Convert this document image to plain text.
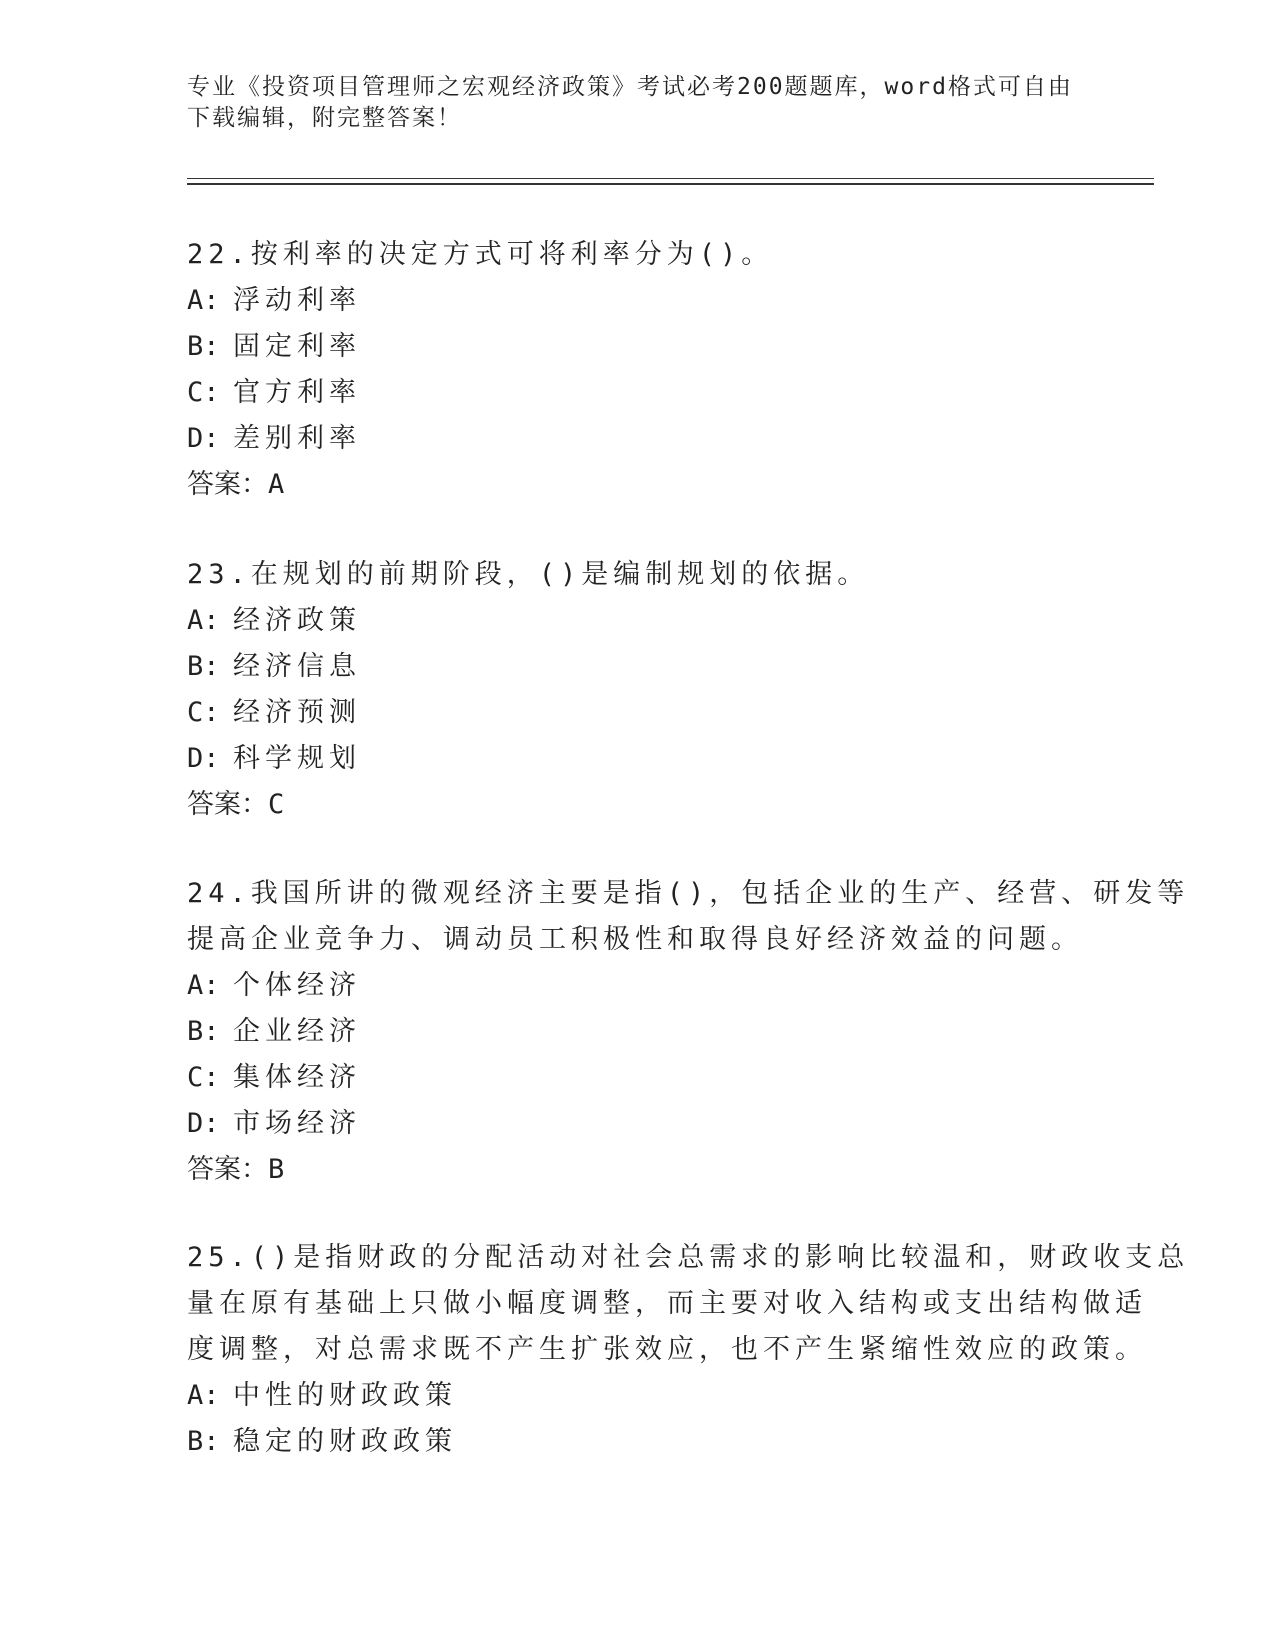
专业《投资项目管理师之宏观经济政策》考试必考200题题库，word格式可自由
下载编辑，附完整答案！
22.按利率的决定方式可将利率分为()。
A: 浮动利率
B: 固定利率
C: 官方利率
D: 差别利率
答案：A
23.在规划的前期阶段，()是编制规划的依据。
A: 经济政策
B: 经济信息
C: 经济预测
D: 科学规划
答案：C
24.我国所讲的微观经济主要是指()，包括企业的生产、经营、研发等
提高企业竞争力、调动员工积极性和取得良好经济效益的问题。
A: 个体经济
B: 企业经济
C: 集体经济
D: 市场经济
答案：B
25.()是指财政的分配活动对社会总需求的影响比较温和，财政收支总
量在原有基础上只做小幅度调整，而主要对收入结构或支出结构做适
度调整，对总需求既不产生扩张效应，也不产生紧缩性效应的政策。
A: 中性的财政政策
B: 稳定的财政政策
